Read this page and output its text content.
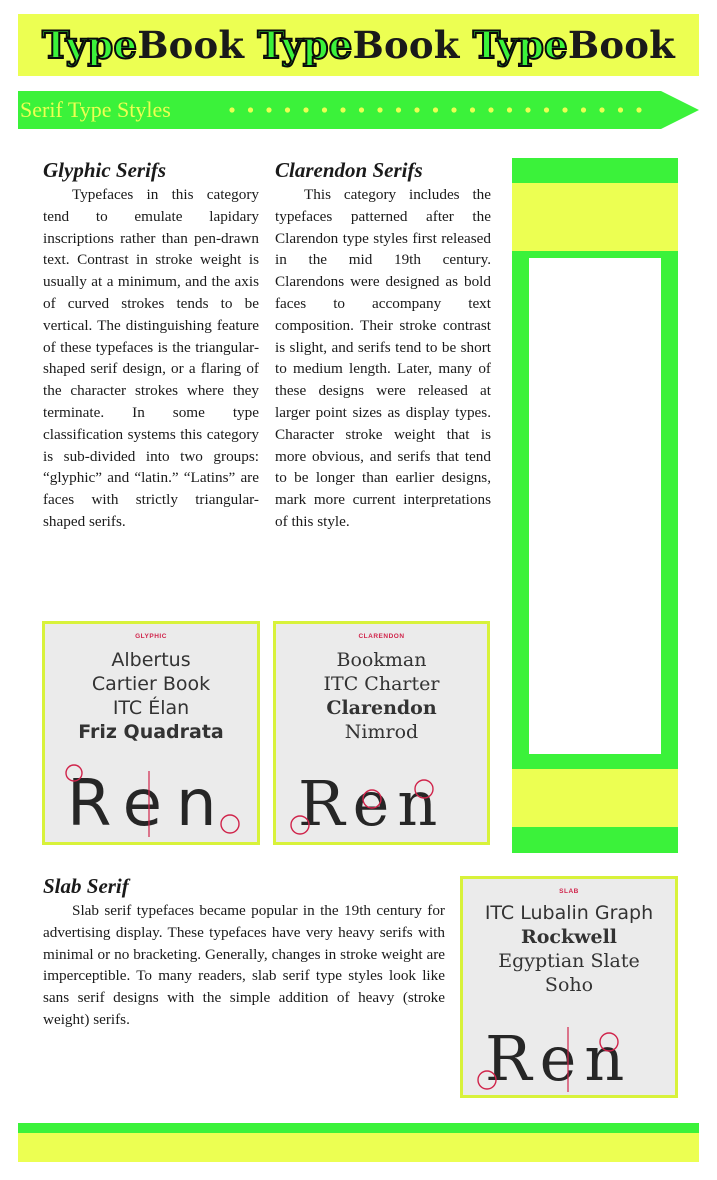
Type Book
Type Book
Type Book
Serif Type Styles
Glyphic Serifs

Typefaces in this category tend to emulate lapidary inscriptions rather than pen-drawn text. Contrast in stroke weight is usually at a minimum, and the axis of curved strokes tends to be vertical. The distinguishing feature of these typefaces is the triangular-shaped serif design, or a flaring of the character strokes where they terminate. In some type classification systems this category is sub-divided into two groups: “glyphic” and “latin.” “Latins” are faces with strictly triangular-shaped serifs.

Clarendon Serifs

This category includes the typefaces patterned after the Clarendon type styles first released in the mid 19th century. Clarendons were designed as bold faces to accompany text composition. Their stroke contrast is slight, and serifs tend to be short to medium length. Later, many of these designs were released at larger point sizes as display types. Character stroke weight that is more obvious, and serifs that tend to be longer than earlier designs, mark more current interpretations of this style.

GLYPHIC
Albertus
Cartier Book
ITC Élan
Friz Quadrata
Ren
CLARENDON
Bookman
ITC Charter
Clarendon
Nimrod
Ren
Slab Serif

Slab serif typefaces became popular in the 19th century for advertising display. These typefaces have very heavy serifs with minimal or no bracketing. Generally, changes in stroke weight are imperceptible. To many readers, slab serif type styles look like sans serif designs with the simple addition of heavy (stroke weight) serifs.

SLAB
ITC Lubalin Graph
Rockwell
Egyptian Slate
Soho
Ren
